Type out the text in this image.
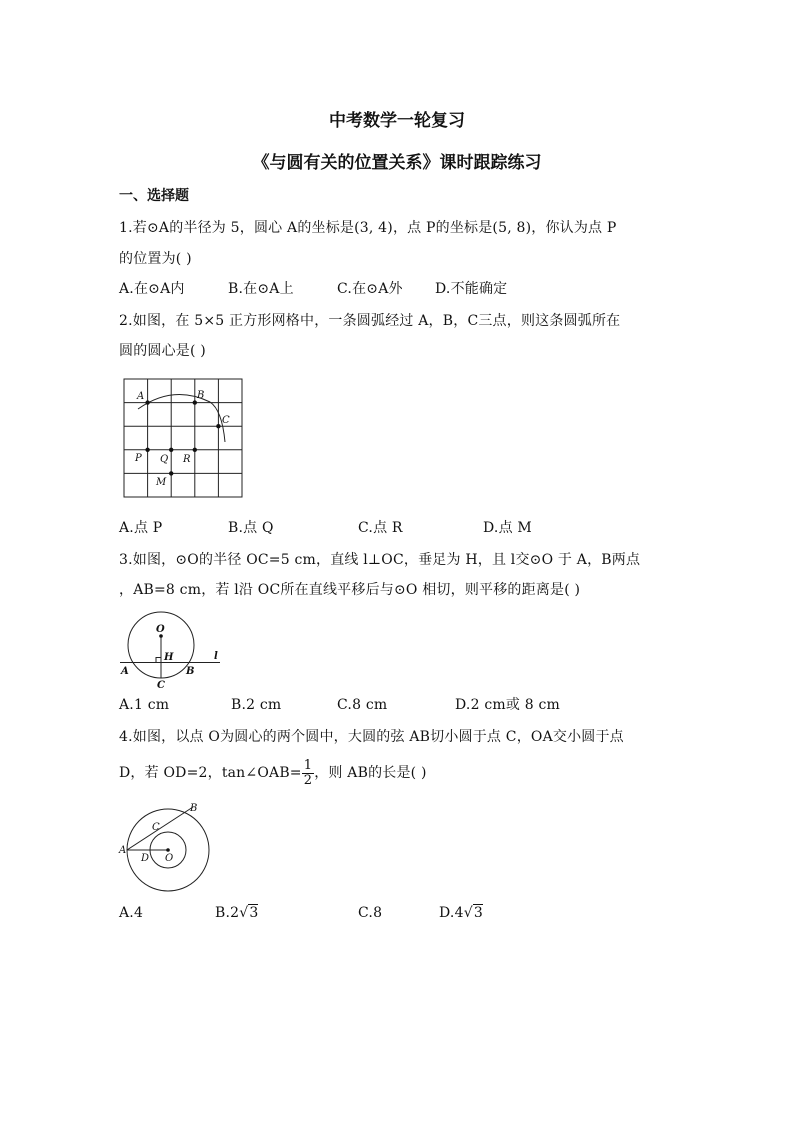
中考数学一轮复习
《与圆有关的位置关系》课时跟踪练习
一、选择题
1.若⊙A的半径为 5，圆心 A的坐标是(3, 4)，点 P的坐标是(5, 8)，你认为点 P
的位置为( )
A.在⊙A内	B.在⊙A上	C.在⊙A外 D.不能确定
2.如图，在 5×5 正方形网格中，一条圆弧经过 A，B，C三点，则这条圆弧所在
圆的圆心是( )
A	B
C
P Q R
M
A.点 P	B.点 Q	C.点 R	D.点 M
3.如图，⊙O的半径 OC=5 cm，直线 l⊥OC，垂足为 H，且 l交⊙O 于 A，B两点
，AB=8 cm，若 l沿 OC所在直线平移后与⊙O 相切，则平移的距离是( )
O
H
A	B
C
l
A.1 cm	B.2 cm	C.8 cm	D.2 cm或 8 cm
4.如图，以点 O为圆心的两个圆中，大圆的弦 AB切小圆于点 C，OA交小圆于点
D，若 OD=2，tan∠OAB= $\frac{1}{2}$ ，则 AB的长是( )
A
B
C
D O
A.4	B.2√3	C.8	D.4√3
